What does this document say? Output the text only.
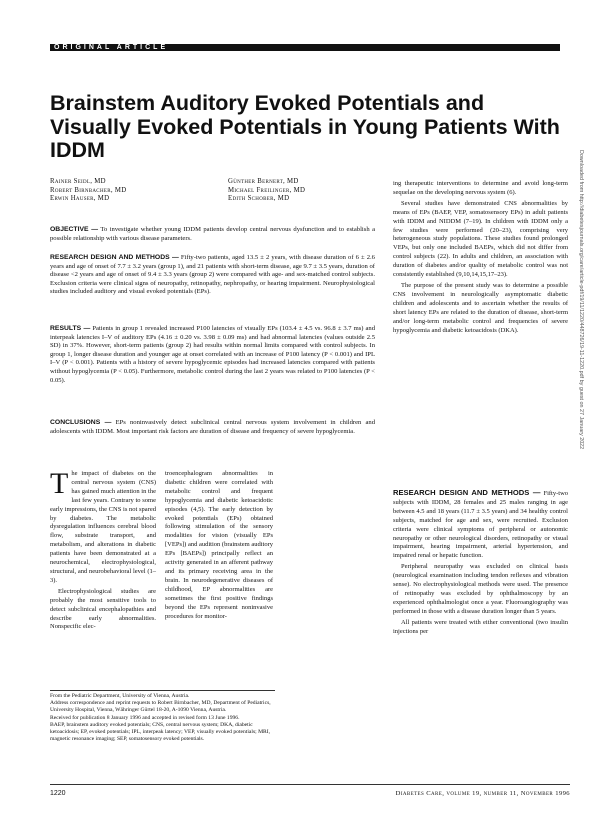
ORIGINAL ARTICLE
Brainstem Auditory Evoked Potentials and Visually Evoked Potentials in Young Patients With IDDM
Rainer Seidl, MD
Robert Birnbacher, MD
Erwin Hauser, MD
Günther Bernert, MD
Michael Freilinger, MD
Edith Schober, MD

OBJECTIVE — To investigate whether young IDDM patients develop central nervous dysfunction and to establish a possible relationship with various disease parameters.

RESEARCH DESIGN AND METHODS — Fifty-two patients, aged 13.5 ± 2 years, with disease duration of 6 ± 2.6 years and age of onset of 7.7 ± 3.2 years (group 1), and 21 patients with short-term disease, age 9.7 ± 3.5 years, duration of disease <2 years and age of onset of 9.4 ± 3.3 years (group 2) were compared with age- and sex-matched control subjects. Exclusion criteria were clinical signs of neuropathy, retinopathy, nephropathy, or hearing impairment. Neurophysiological studies included auditory and visual evoked potentials (EPs).

RESULTS — Patients in group 1 revealed increased P100 latencies of visually EPs (103.4 ± 4.5 vs. 96.8 ± 3.7 ms) and interpeak latencies I–V of auditory EPs (4.16 ± 0.20 vs. 3.98 ± 0.09 ms) and had abnormal latencies (values outside 2.5 SD) in 37%. However, short-term patients (group 2) had results within normal limits compared with control subjects. In group 1, longer disease duration and younger age at onset correlated with an increase of P100 latency (P < 0.001) and IPL I–V (P < 0.001). Patients with a history of severe hypoglycemic episodes had increased latencies compared with patients without hypoglycemia (P < 0.05). Furthermore, metabolic control during the last 2 years was related to P100 latencies (P < 0.05).

CONCLUSIONS — EPs noninvasively detect subclinical central nervous system involvement in children and adolescents with IDDM. Most important risk factors are duration of disease and frequency of severe hypoglycemia.

The impact of diabetes on the central nervous system (CNS) has gained much attention in the last few years. Contrary to some early impressions, the CNS is not spared by diabetes. The metabolic dysregulation influences cerebral blood flow, substrate transport, and metabolism, and alterations in diabetic patients have been demonstrated at a neurochemical, electrophysiological, structural, and neurobehavioral level (1–3).

Electrophysiological studies are probably the most sensitive tools to detect subclinical encephalopathies and describe early abnormalities. Nonspecific elec-

troencephalogram abnormalities in diabetic children were correlated with metabolic control and frequent hypoglycemia and diabetic ketoacidotic episodes (4,5). The early detection by evoked potentials (EPs) obtained following stimulation of the sensory modalities for vision (visually EPs [VEPs]) and audition (brainstem auditory EPs [BAEPs]) principally reflect an activity generated in an afferent pathway and its primary receiving area in the brain. In neurodegenerative diseases of childhood, EP abnormalities are sometimes the first positive findings beyond the EPs represent noninvasive procedures for monitor-

ing therapeutic interventions to determine and avoid long-term sequelae on the developing nervous system (6).

Several studies have demonstrated CNS abnormalities by means of EPs (BAEP, VEP, somatosensory EPs) in adult patients with IDDM and NIDDM (7–19). In children with IDDM only a few studies were performed (20–23), comprising very heterogeneous study populations. These studies found prolonged VEPs, but only one included BAEPs, which did not differ from control subjects (22). In adults and children, an association with duration of diabetes and/or quality of metabolic control was not consistently established (9,10,14,15,17–23).

The purpose of the present study was to determine a possible CNS involvement in neurologically asymptomatic diabetic children and adolescents and to ascertain whether the results of short latency EPs are related to the duration of disease, short-term and/or long-term metabolic control and frequencies of severe hypoglycemia and diabetic ketoacidosis (DKA).

RESEARCH DESIGN AND METHODS — Fifty-two subjects with IDDM, 28 females and 25 males ranging in age between 4.5 and 18 years (11.7 ± 3.5 years) and 34 healthy control subjects, matched for age and sex, were recruited. Exclusion criteria were clinical symptoms of peripheral or autonomic neuropathy or other neurological disorders, retinopathy or visual impairment, hearing impairment, arterial hypertension, and impaired renal or hepatic function.

Peripheral neuropathy was excluded on clinical basis (neurological examination including tendon reflexes and vibration sense). No electrophysiological methods were used. The presence of retinopathy was excluded by ophthalmoscopy by an experienced ophthalmologist once a year. Fluoroangiography was performed in those with a disease duration longer than 5 years.

All patients were treated with either conventional (two insulin injections per

From the Pediatric Department, University of Vienna, Austria.

Address correspondence and reprint requests to Robert Birnbacher, MD, Department of Pediatrics, University Hospital, Vienna, Währinger Gürtel 18-20, A-1090 Vienna, Austria.

Received for publication 8 January 1996 and accepted in revised form 13 June 1996.

BAEP, brainstem auditory evoked potentials; CNS, central nervous system; DKA, diabetic ketoacidosis; EP, evoked potentials; IPL, interpeak latency; VEP, visually evoked potentials; MRI, magnetic resonance imaging; SEP, somatosensory evoked potentials.

1220	Diabetes Care, volume 19, number 11, November 1996
Downloaded from http://diabetesjournals.org/care/article-pdf/19/11/1220/448726/19-11-1220.pdf by guest on 27 January 2022
